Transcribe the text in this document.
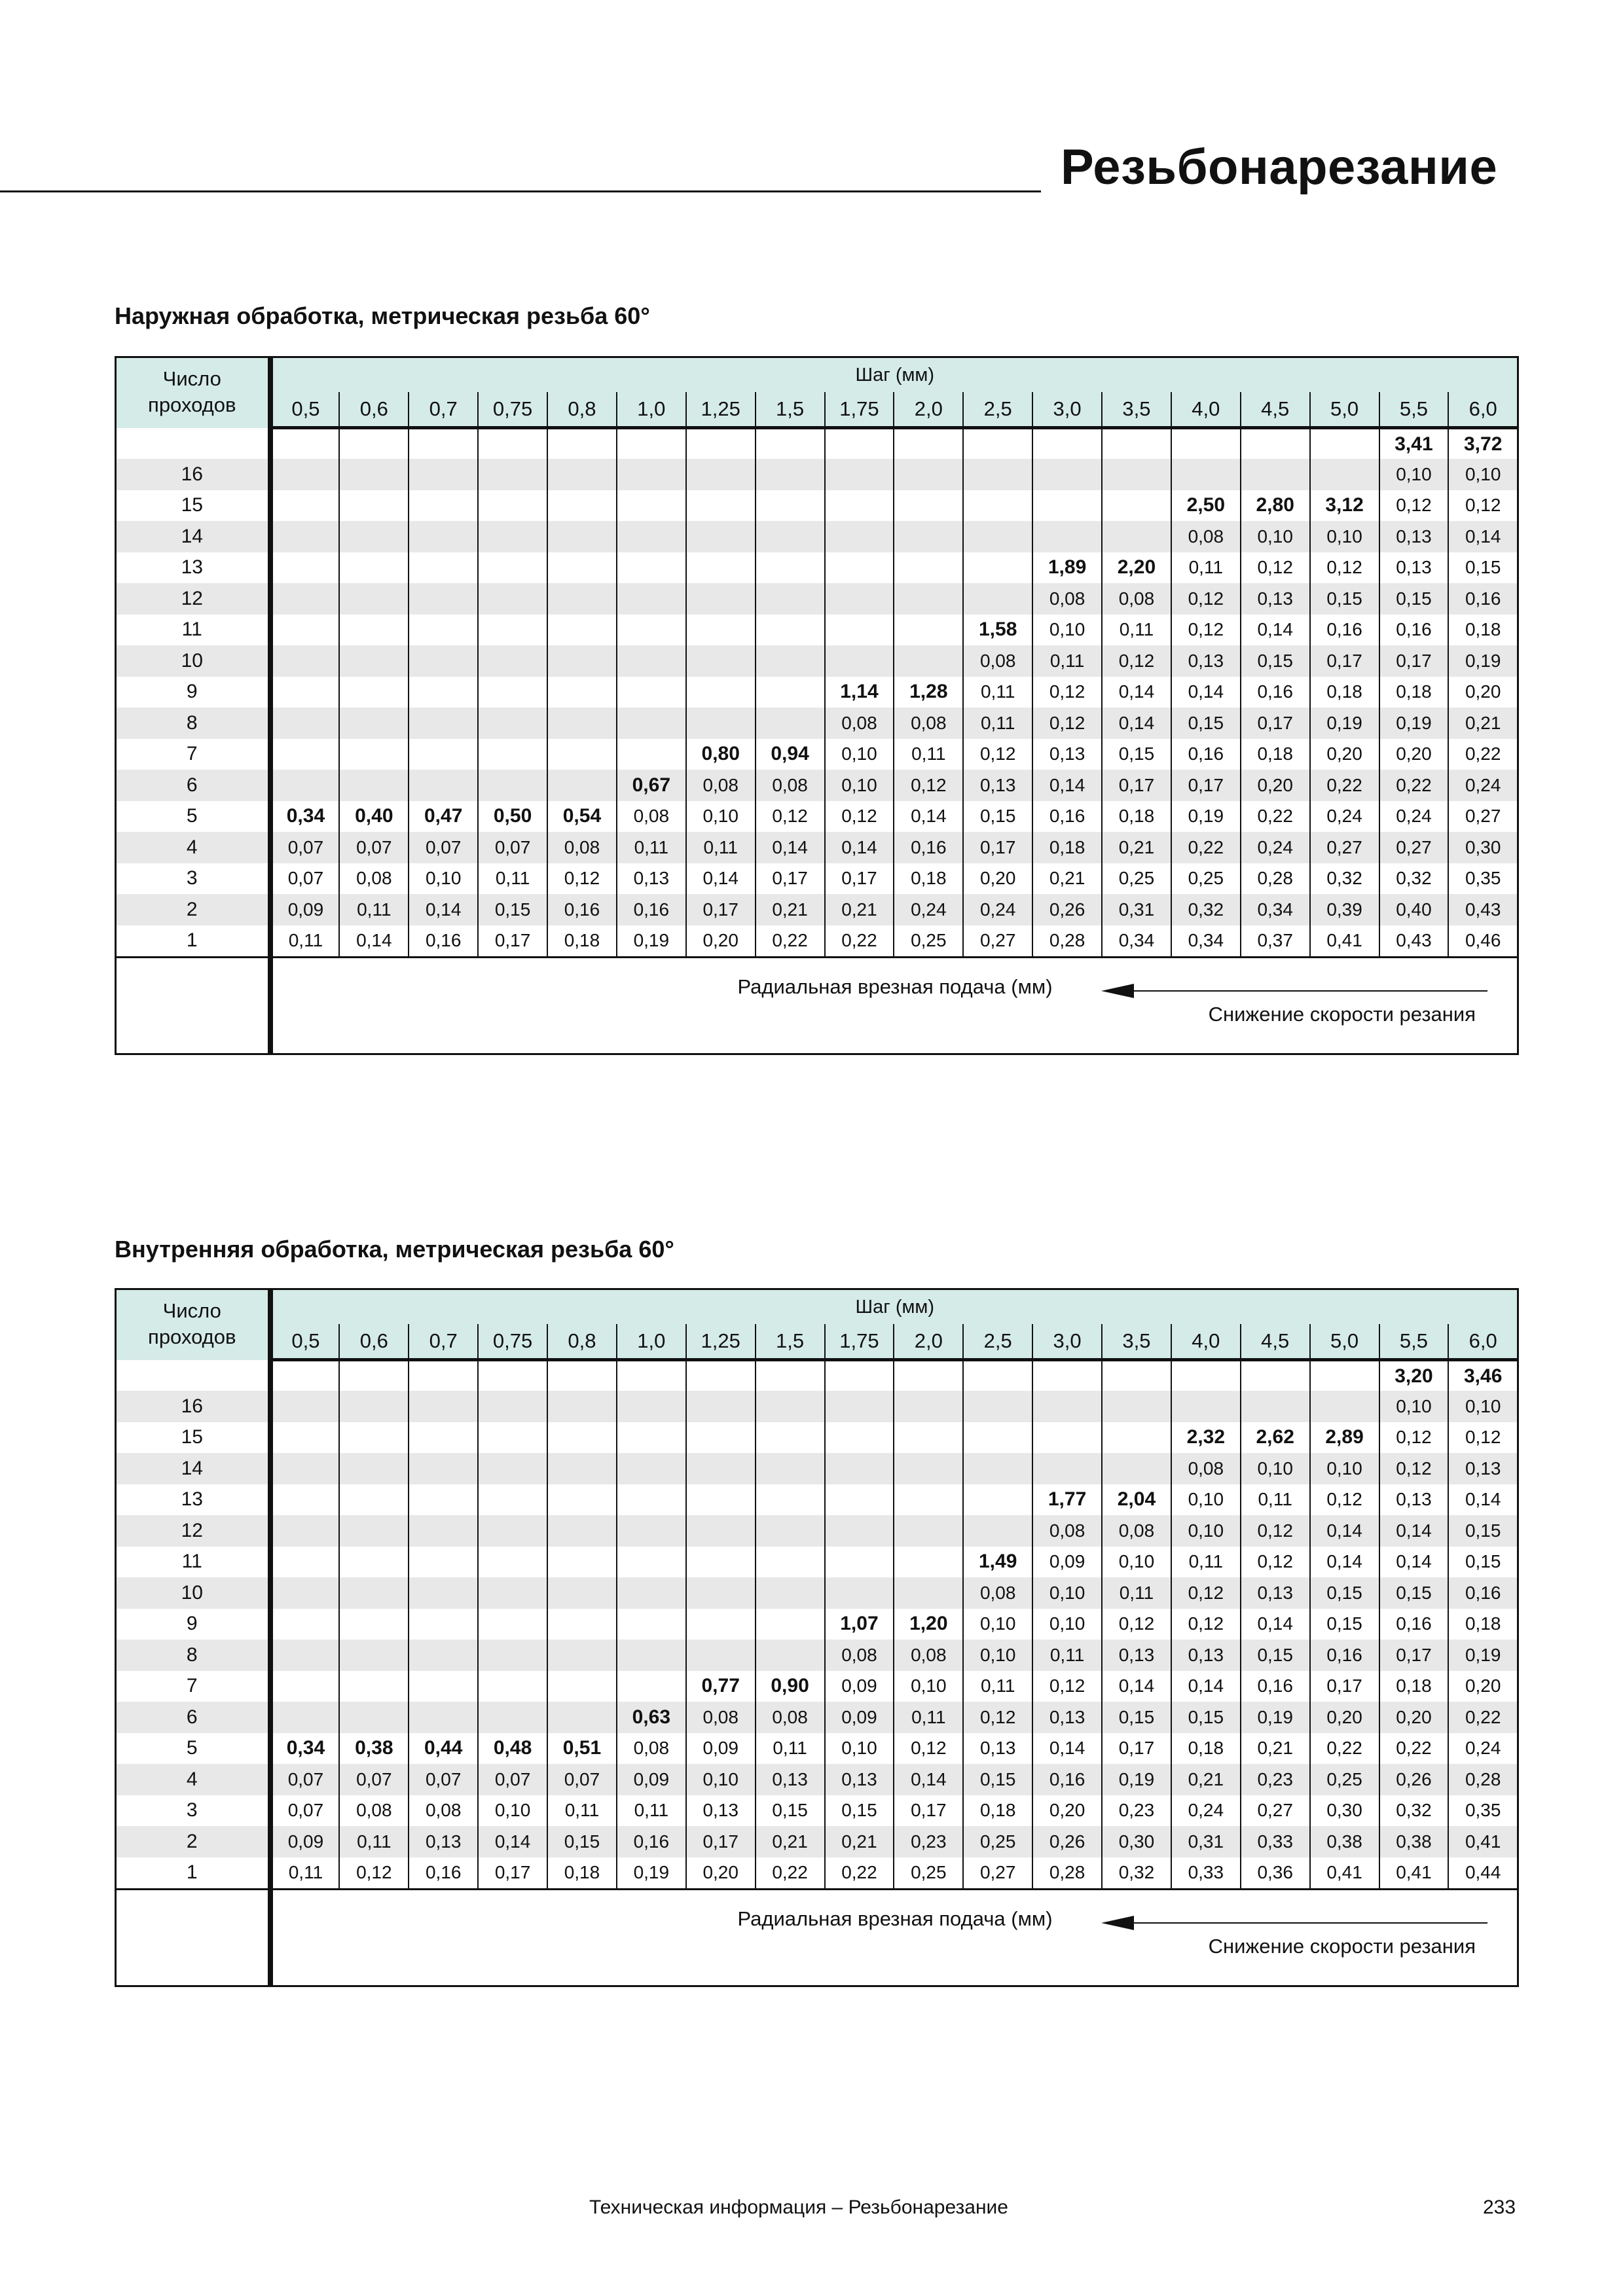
Резьбонарезание
Наружная обработка, метрическая резьба 60°
Число
проходов	Шаг (мм)																	
	0,5	0,6	0,7	0,75	0,8	1,0	1,25	1,5	1,75	2,0	2,5	3,0	3,5	4,0	4,5	5,0	5,5	6,0
																	3,41	3,72
16																	0,10	0,10
15														2,50	2,80	3,12	0,12	0,12
14														0,08	0,10	0,10	0,13	0,14
13												1,89	2,20	0,11	0,12	0,12	0,13	0,15
12												0,08	0,08	0,12	0,13	0,15	0,15	0,16
11											1,58	0,10	0,11	0,12	0,14	0,16	0,16	0,18
10											0,08	0,11	0,12	0,13	0,15	0,17	0,17	0,19
9									1,14	1,28	0,11	0,12	0,14	0,14	0,16	0,18	0,18	0,20
8									0,08	0,08	0,11	0,12	0,14	0,15	0,17	0,19	0,19	0,21
7							0,80	0,94	0,10	0,11	0,12	0,13	0,15	0,16	0,18	0,20	0,20	0,22
6						0,67	0,08	0,08	0,10	0,12	0,13	0,14	0,17	0,17	0,20	0,22	0,22	0,24
5	0,34	0,40	0,47	0,50	0,54	0,08	0,10	0,12	0,12	0,14	0,15	0,16	0,18	0,19	0,22	0,24	0,24	0,27
4	0,07	0,07	0,07	0,07	0,08	0,11	0,11	0,14	0,14	0,16	0,17	0,18	0,21	0,22	0,24	0,27	0,27	0,30
3	0,07	0,08	0,10	0,11	0,12	0,13	0,14	0,17	0,17	0,18	0,20	0,21	0,25	0,25	0,28	0,32	0,32	0,35
2	0,09	0,11	0,14	0,15	0,16	0,16	0,17	0,21	0,21	0,24	0,24	0,26	0,31	0,32	0,34	0,39	0,40	0,43
1	0,11	0,14	0,16	0,17	0,18	0,19	0,20	0,22	0,22	0,25	0,27	0,28	0,34	0,34	0,37	0,41	0,43	0,46

	Радиальная врезная подача (мм)
Снижение скорости резания																	
Внутренняя обработка, метрическая резьба 60°
Число
проходов	Шаг (мм)																	
	0,5	0,6	0,7	0,75	0,8	1,0	1,25	1,5	1,75	2,0	2,5	3,0	3,5	4,0	4,5	5,0	5,5	6,0
																	3,20	3,46
16																	0,10	0,10
15														2,32	2,62	2,89	0,12	0,12
14														0,08	0,10	0,10	0,12	0,13
13												1,77	2,04	0,10	0,11	0,12	0,13	0,14
12												0,08	0,08	0,10	0,12	0,14	0,14	0,15
11											1,49	0,09	0,10	0,11	0,12	0,14	0,14	0,15
10											0,08	0,10	0,11	0,12	0,13	0,15	0,15	0,16
9									1,07	1,20	0,10	0,10	0,12	0,12	0,14	0,15	0,16	0,18
8									0,08	0,08	0,10	0,11	0,13	0,13	0,15	0,16	0,17	0,19
7							0,77	0,90	0,09	0,10	0,11	0,12	0,14	0,14	0,16	0,17	0,18	0,20
6						0,63	0,08	0,08	0,09	0,11	0,12	0,13	0,15	0,15	0,19	0,20	0,20	0,22
5	0,34	0,38	0,44	0,48	0,51	0,08	0,09	0,11	0,10	0,12	0,13	0,14	0,17	0,18	0,21	0,22	0,22	0,24
4	0,07	0,07	0,07	0,07	0,07	0,09	0,10	0,13	0,13	0,14	0,15	0,16	0,19	0,21	0,23	0,25	0,26	0,28
3	0,07	0,08	0,08	0,10	0,11	0,11	0,13	0,15	0,15	0,17	0,18	0,20	0,23	0,24	0,27	0,30	0,32	0,35
2	0,09	0,11	0,13	0,14	0,15	0,16	0,17	0,21	0,21	0,23	0,25	0,26	0,30	0,31	0,33	0,38	0,38	0,41
1	0,11	0,12	0,16	0,17	0,18	0,19	0,20	0,22	0,22	0,25	0,27	0,28	0,32	0,33	0,36	0,41	0,41	0,44

	Радиальная врезная подача (мм)
Снижение скорости резания																	
Техническая информация – Резьбонарезание	233
